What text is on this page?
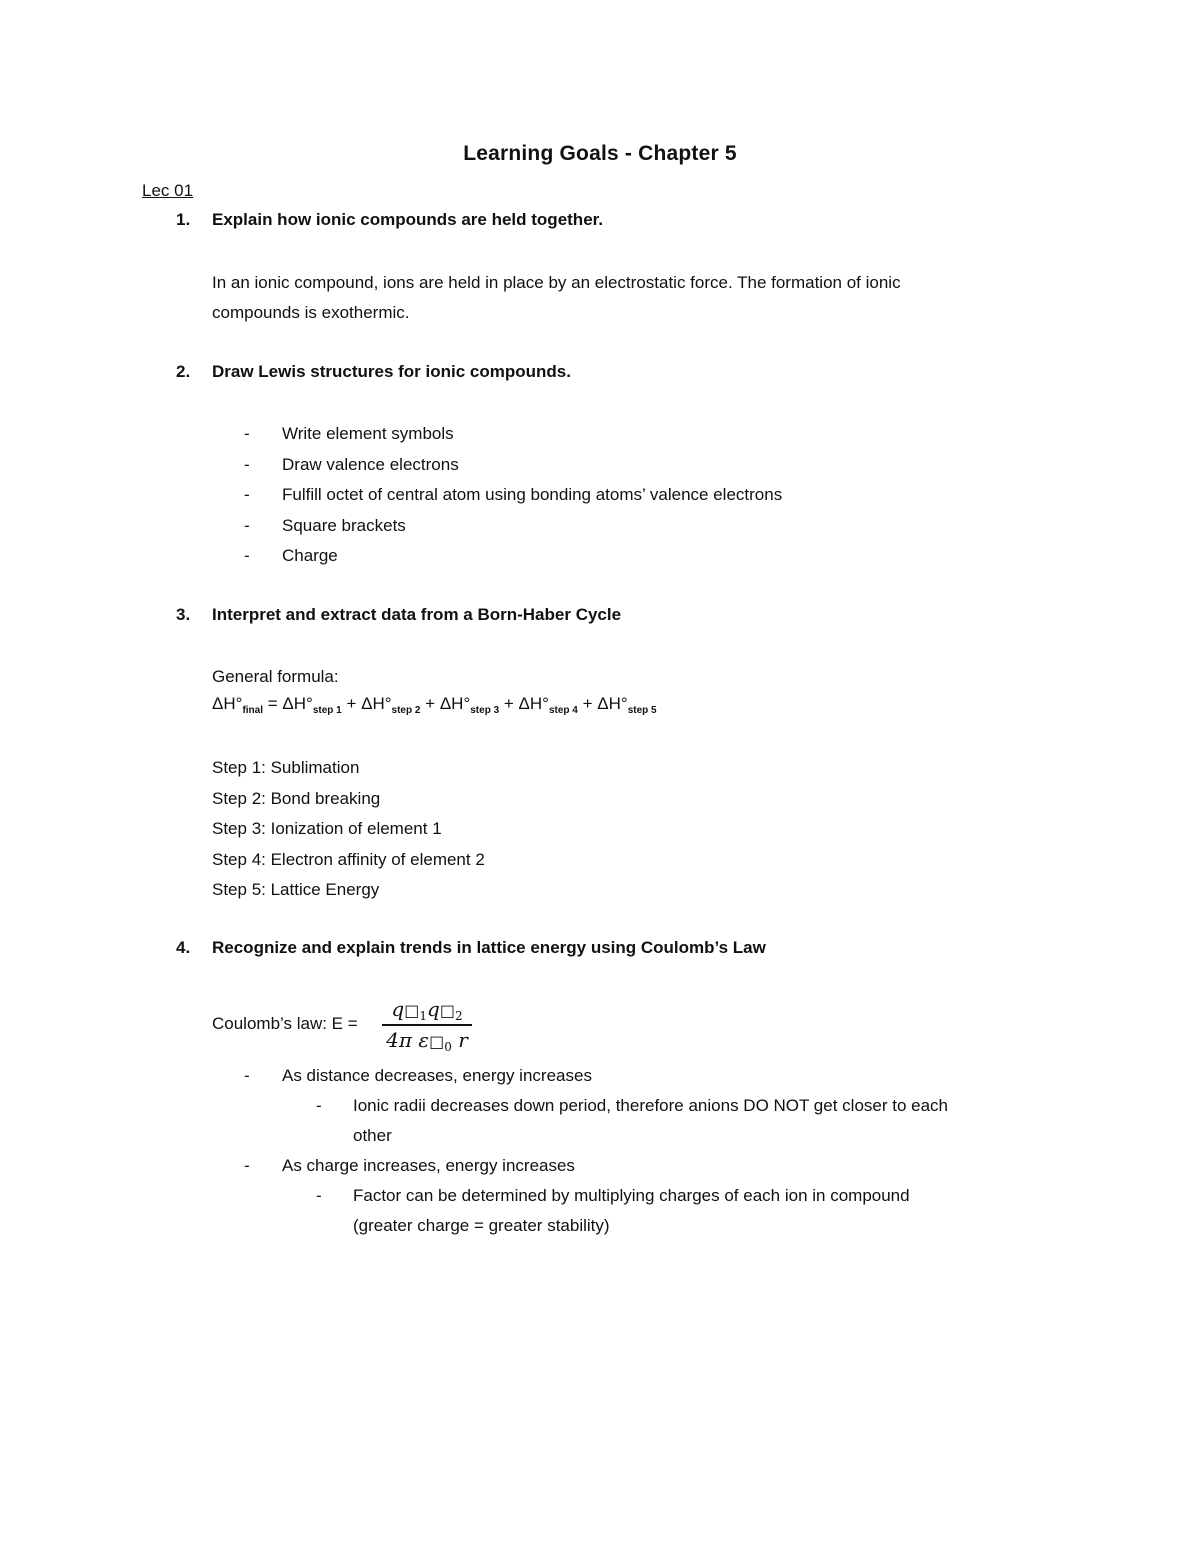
Learning Goals - Chapter 5
Lec 01
1. Explain how ionic compounds are held together.
In an ionic compound, ions are held in place by an electrostatic force. The formation of ionic
compounds is exothermic.
2. Draw Lewis structures for ionic compounds.
- Write element symbols
- Draw valence electrons
- Fulfill octet of central atom using bonding atoms’ valence electrons
- Square brackets
- Charge
3. Interpret and extract data from a Born-Haber Cycle
General formula:
$\Delta H^\circ_{final} = \Delta H^\circ_{step 1} + \Delta H^\circ_{step 2} + \Delta H^\circ_{step 3} + \Delta H^\circ_{step 4} + \Delta H^\circ_{step 5}$
Step 1: Sublimation
Step 2: Bond breaking
Step 3: Ionization of element 1
Step 4: Electron affinity of element 2
Step 5: Lattice Energy
4. Recognize and explain trends in lattice energy using Coulomb’s Law
Coulomb’s law: E =
$q□_1q□_2$
4π $\varepsilon□_0$ r
- As distance decreases, energy increases
-	Ionic radii decreases down period, therefore anions DO NOT get closer to each
other
- As charge increases, energy increases
-	Factor can be determined by multiplying charges of each ion in compound
(greater charge = greater stability)
